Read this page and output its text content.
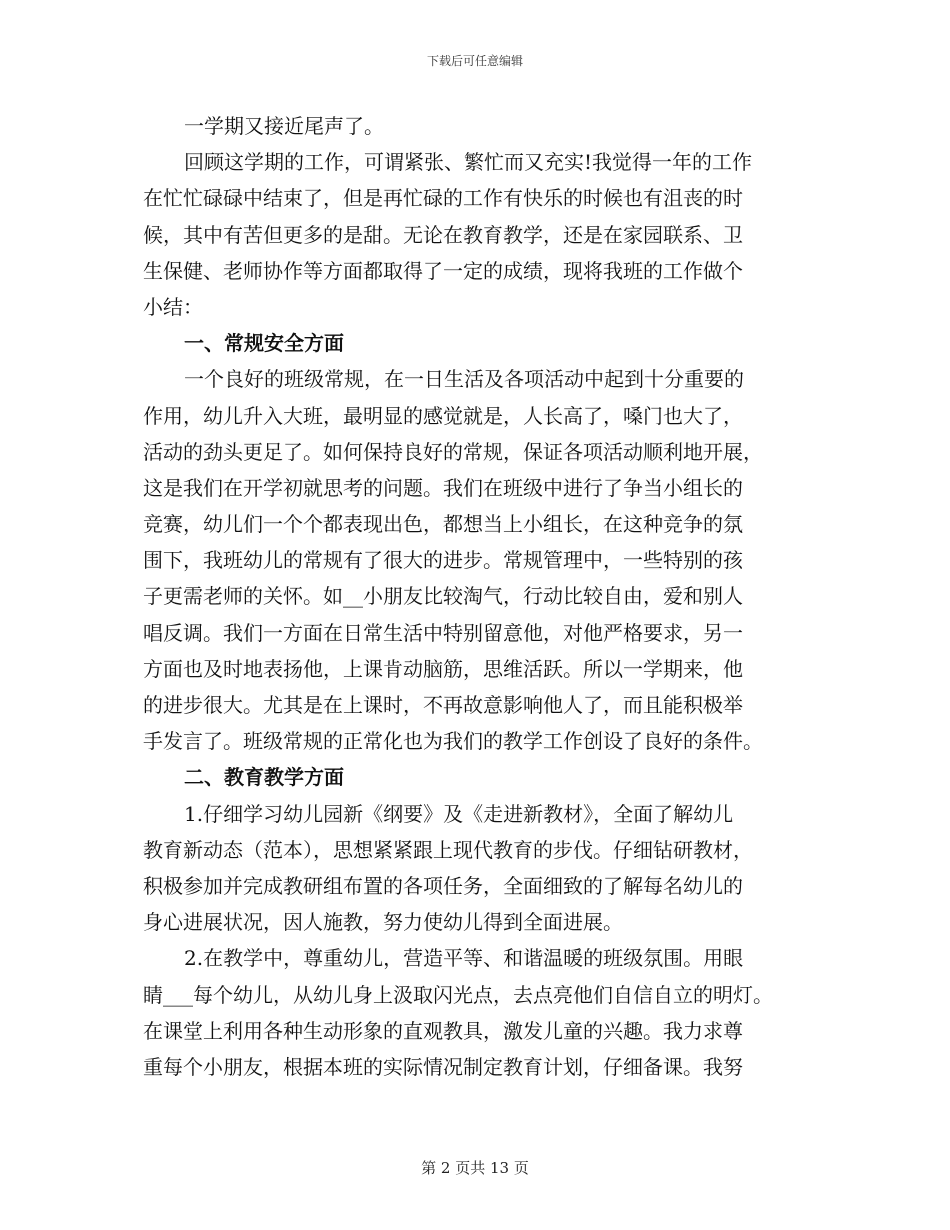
下载后可任意编辑
一学期又接近尾声了。
回顾这学期的工作，可谓紧张、繁忙而又充实!我觉得一年的工作
在忙忙碌碌中结束了，但是再忙碌的工作有快乐的时候也有沮丧的时
候，其中有苦但更多的是甜。无论在教育教学，还是在家园联系、卫
生保健、老师协作等方面都取得了一定的成绩，现将我班的工作做个
小结：
一、常规安全方面
一个良好的班级常规，在一日生活及各项活动中起到十分重要的
作用，幼儿升入大班，最明显的感觉就是，人长高了，嗓门也大了，
活动的劲头更足了。如何保持良好的常规，保证各项活动顺利地开展，
这是我们在开学初就思考的问题。我们在班级中进行了争当小组长的
竞赛，幼儿们一个个都表现出色，都想当上小组长，在这种竞争的氛
围下，我班幼儿的常规有了很大的进步。常规管理中，一些特别的孩
子更需老师的关怀。如__小朋友比较淘气，行动比较自由，爱和别人
唱反调。我们一方面在日常生活中特别留意他，对他严格要求，另一
方面也及时地表扬他，上课肯动脑筋，思维活跃。所以一学期来，他
的进步很大。尤其是在上课时，不再故意影响他人了，而且能积极举
手发言了。班级常规的正常化也为我们的教学工作创设了良好的条件。
二、教育教学方面
1.仔细学习幼儿园新《纲要》及《走进新教材》，全面了解幼儿
教育新动态（范本），思想紧紧跟上现代教育的步伐。仔细钻研教材，
积极参加并完成教研组布置的各项任务，全面细致的了解每名幼儿的
身心进展状况，因人施教，努力使幼儿得到全面进展。
2.在教学中，尊重幼儿，营造平等、和谐温暖的班级氛围。用眼
睛___每个幼儿，从幼儿身上汲取闪光点，去点亮他们自信自立的明灯。
在课堂上利用各种生动形象的直观教具，激发儿童的兴趣。我力求尊
重每个小朋友，根据本班的实际情况制定教育计划，仔细备课。我努
第 2 页共 13 页
